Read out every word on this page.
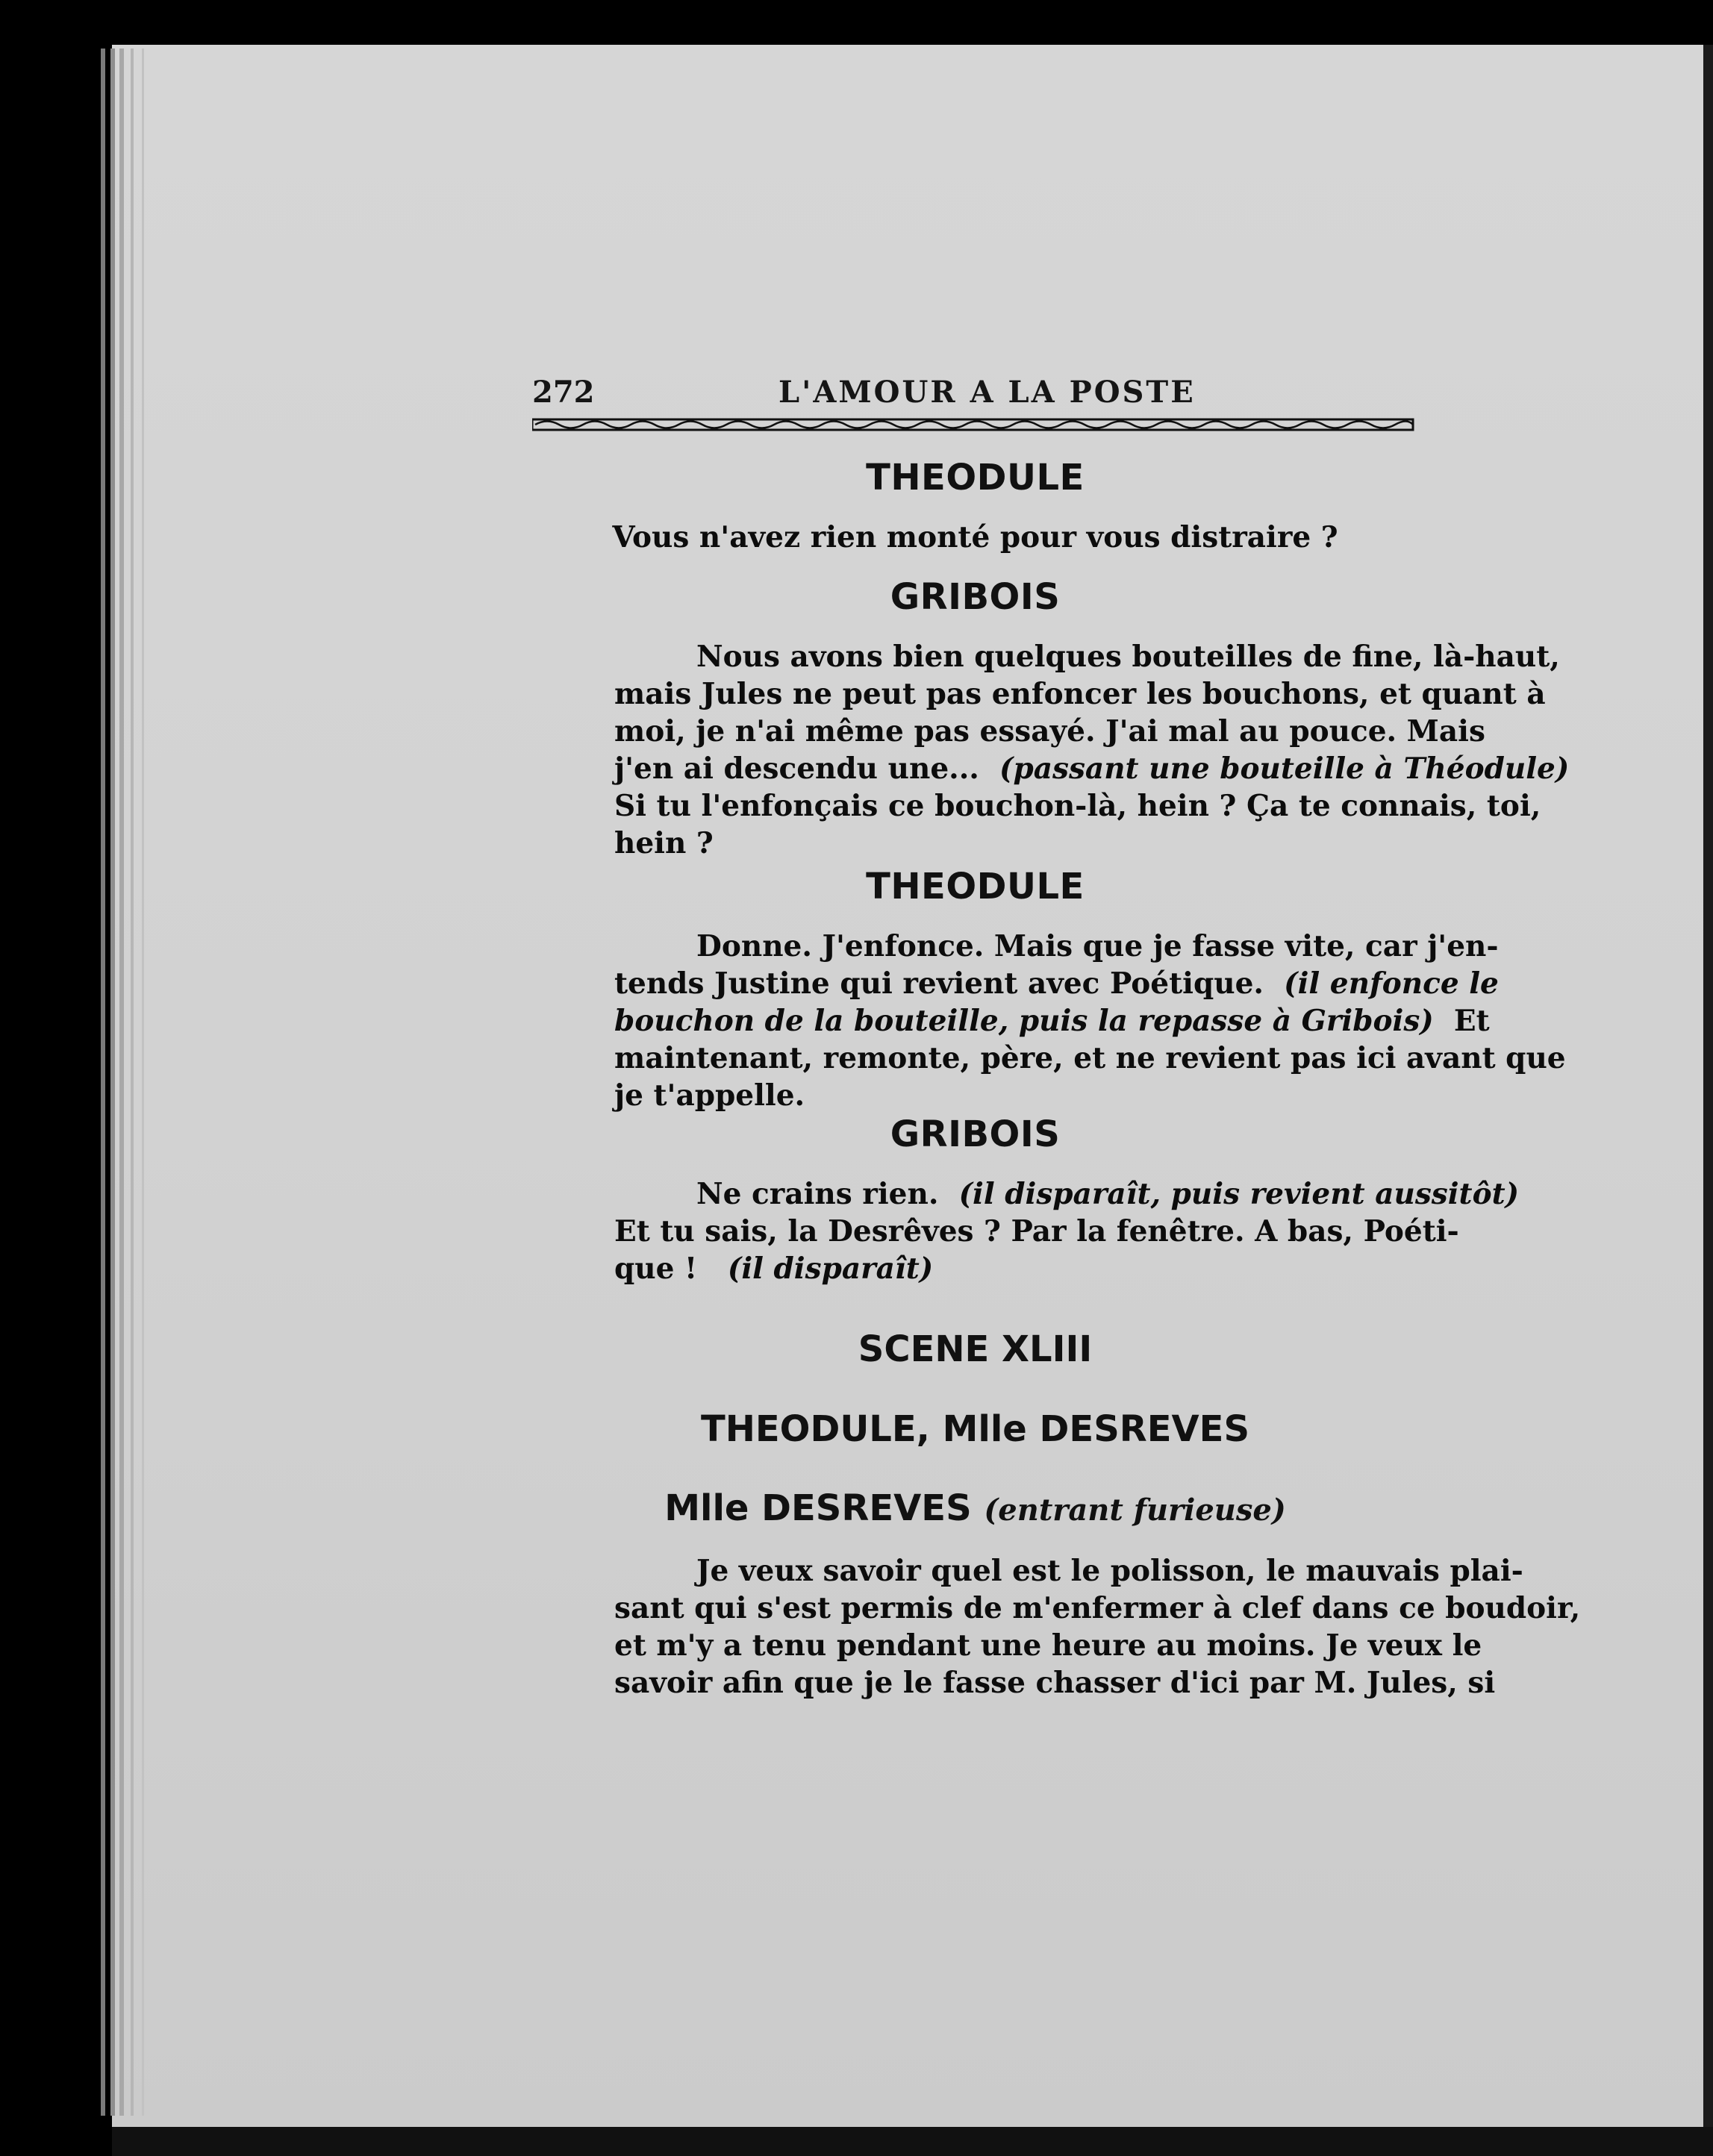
272	L'AMOUR A LA POSTE
THEODULE
Vous n'avez rien monté pour vous distraire ?
GRIBOIS
Nous avons bien quelques bouteilles de fine, là-haut,
mais Jules ne peut pas enfoncer les bouchons, et quant à
moi, je n'ai même pas essayé. J'ai mal au pouce. Mais
j'en ai descendu une... (passant une bouteille à Théodule)
Si tu l'enfonçais ce bouchon-là, hein ? Ça te connais, toi,
hein ?
THEODULE
Donne. J'enfonce. Mais que je fasse vite, car j'en-
tends Justine qui revient avec Poétique. (il enfonce le
bouchon de la bouteille, puis la repasse à Gribois) Et
maintenant, remonte, père, et ne revient pas ici avant que
je t'appelle.
GRIBOIS
Ne crains rien. (il disparaît, puis revient aussitôt)
Et tu sais, la Desrêves ? Par la fenêtre. A bas, Poéti-
que ! (il disparaît)
SCENE XLIII
THEODULE, Mlle DESREVES
Mlle DESREVES (entrant furieuse)
Je veux savoir quel est le polisson, le mauvais plai-
sant qui s'est permis de m'enfermer à clef dans ce boudoir,
et m'y a tenu pendant une heure au moins. Je veux le
savoir afin que je le fasse chasser d'ici par M. Jules, si
